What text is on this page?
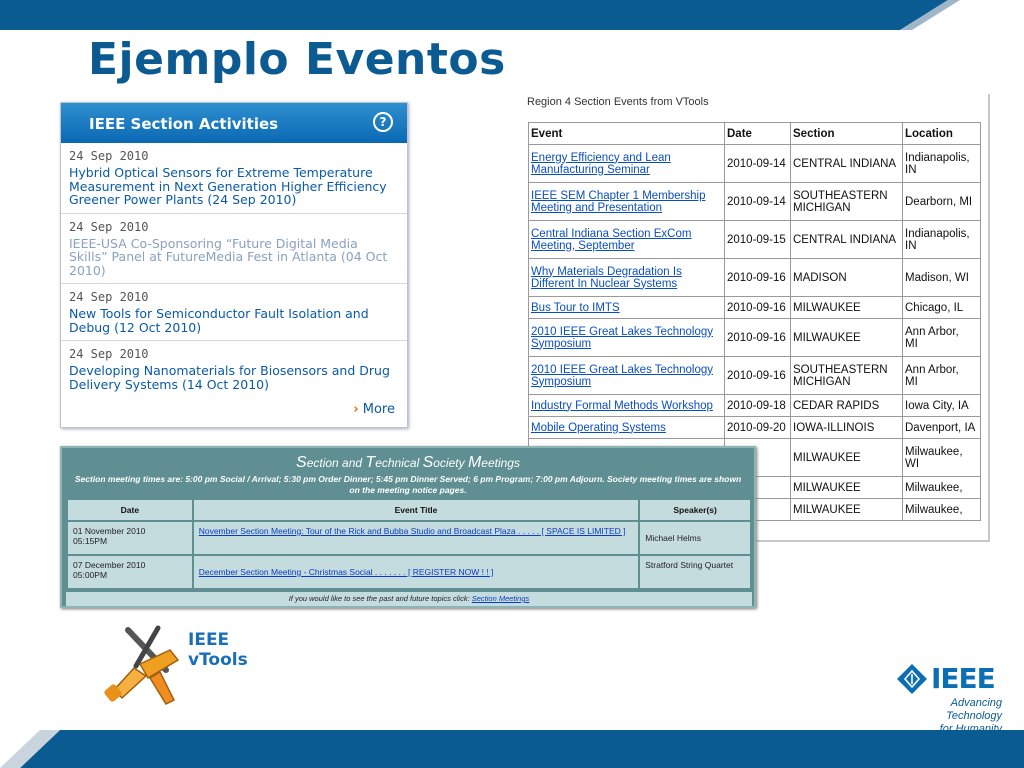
Ejemplo Eventos
IEEE Section Activities	?
24 Sep 2010
Hybrid Optical Sensors for Extreme Temperature Measurement in Next Generation Higher Efficiency Greener Power Plants (24 Sep 2010)
24 Sep 2010
IEEE-USA Co-Sponsoring “Future Digital Media Skills” Panel at FutureMedia Fest in Atlanta (04 Oct 2010)
24 Sep 2010
New Tools for Semiconductor Fault Isolation and Debug (12 Oct 2010)
24 Sep 2010
Developing Nanomaterials for Biosensors and Drug Delivery Systems (14 Oct 2010)
› More
Region 4 Section Events from VTools
Event	Date	Section	Location
Energy Efficiency and Lean
Manufacturing Seminar	2010-09-14	CENTRAL INDIANA	Indianapolis,
IN
IEEE SEM Chapter 1 Membership
Meeting and Presentation	2010-09-14	SOUTHEASTERN
MICHIGAN	Dearborn, MI
Central Indiana Section ExCom
Meeting, September	2010-09-15	CENTRAL INDIANA	Indianapolis,
IN
Why Materials Degradation Is
Different In Nuclear Systems	2010-09-16	MADISON	Madison, WI
Bus Tour to IMTS	2010-09-16	MILWAUKEE	Chicago, IL
2010 IEEE Great Lakes Technology
Symposium	2010-09-16	MILWAUKEE	Ann Arbor,
MI
2010 IEEE Great Lakes Technology
Symposium	2010-09-16	SOUTHEASTERN
MICHIGAN	Ann Arbor,
MI
Industry Formal Methods Workshop	2010-09-18	CEDAR RAPIDS	Iowa City, IA
Mobile Operating Systems	2010-09-20	IOWA-ILLINOIS	Davenport, IA
		MILWAUKEE	Milwaukee,
WI
		MILWAUKEE	Milwaukee,
		MILWAUKEE	Milwaukee,
Section and Technical Society Meetings
Section meeting times are: 5:00 pm Social / Arrival; 5:30 pm Order Dinner; 5:45 pm Dinner Served; 6 pm Program; 7:00 pm Adjourn. Society meeting times are shown on the meeting notice pages.
Date	Event Title	Speaker(s)
01 November 2010
05:15PM	November Section Meeting: Tour of the Rick and Bubba Studio and Broadcast Plaza . . . . . [ SPACE IS LIMITED ]	Michael Helms
07 December 2010
05:00PM	December Section Meeting - Christmas Social . . . . . . . [ REGISTER NOW ! ! ]	Stratford String Quartet
If you would like to see the past and future topics click: Section Meetings
IEEE
vTools
IEEE
Advancing Technology
for Humanity
